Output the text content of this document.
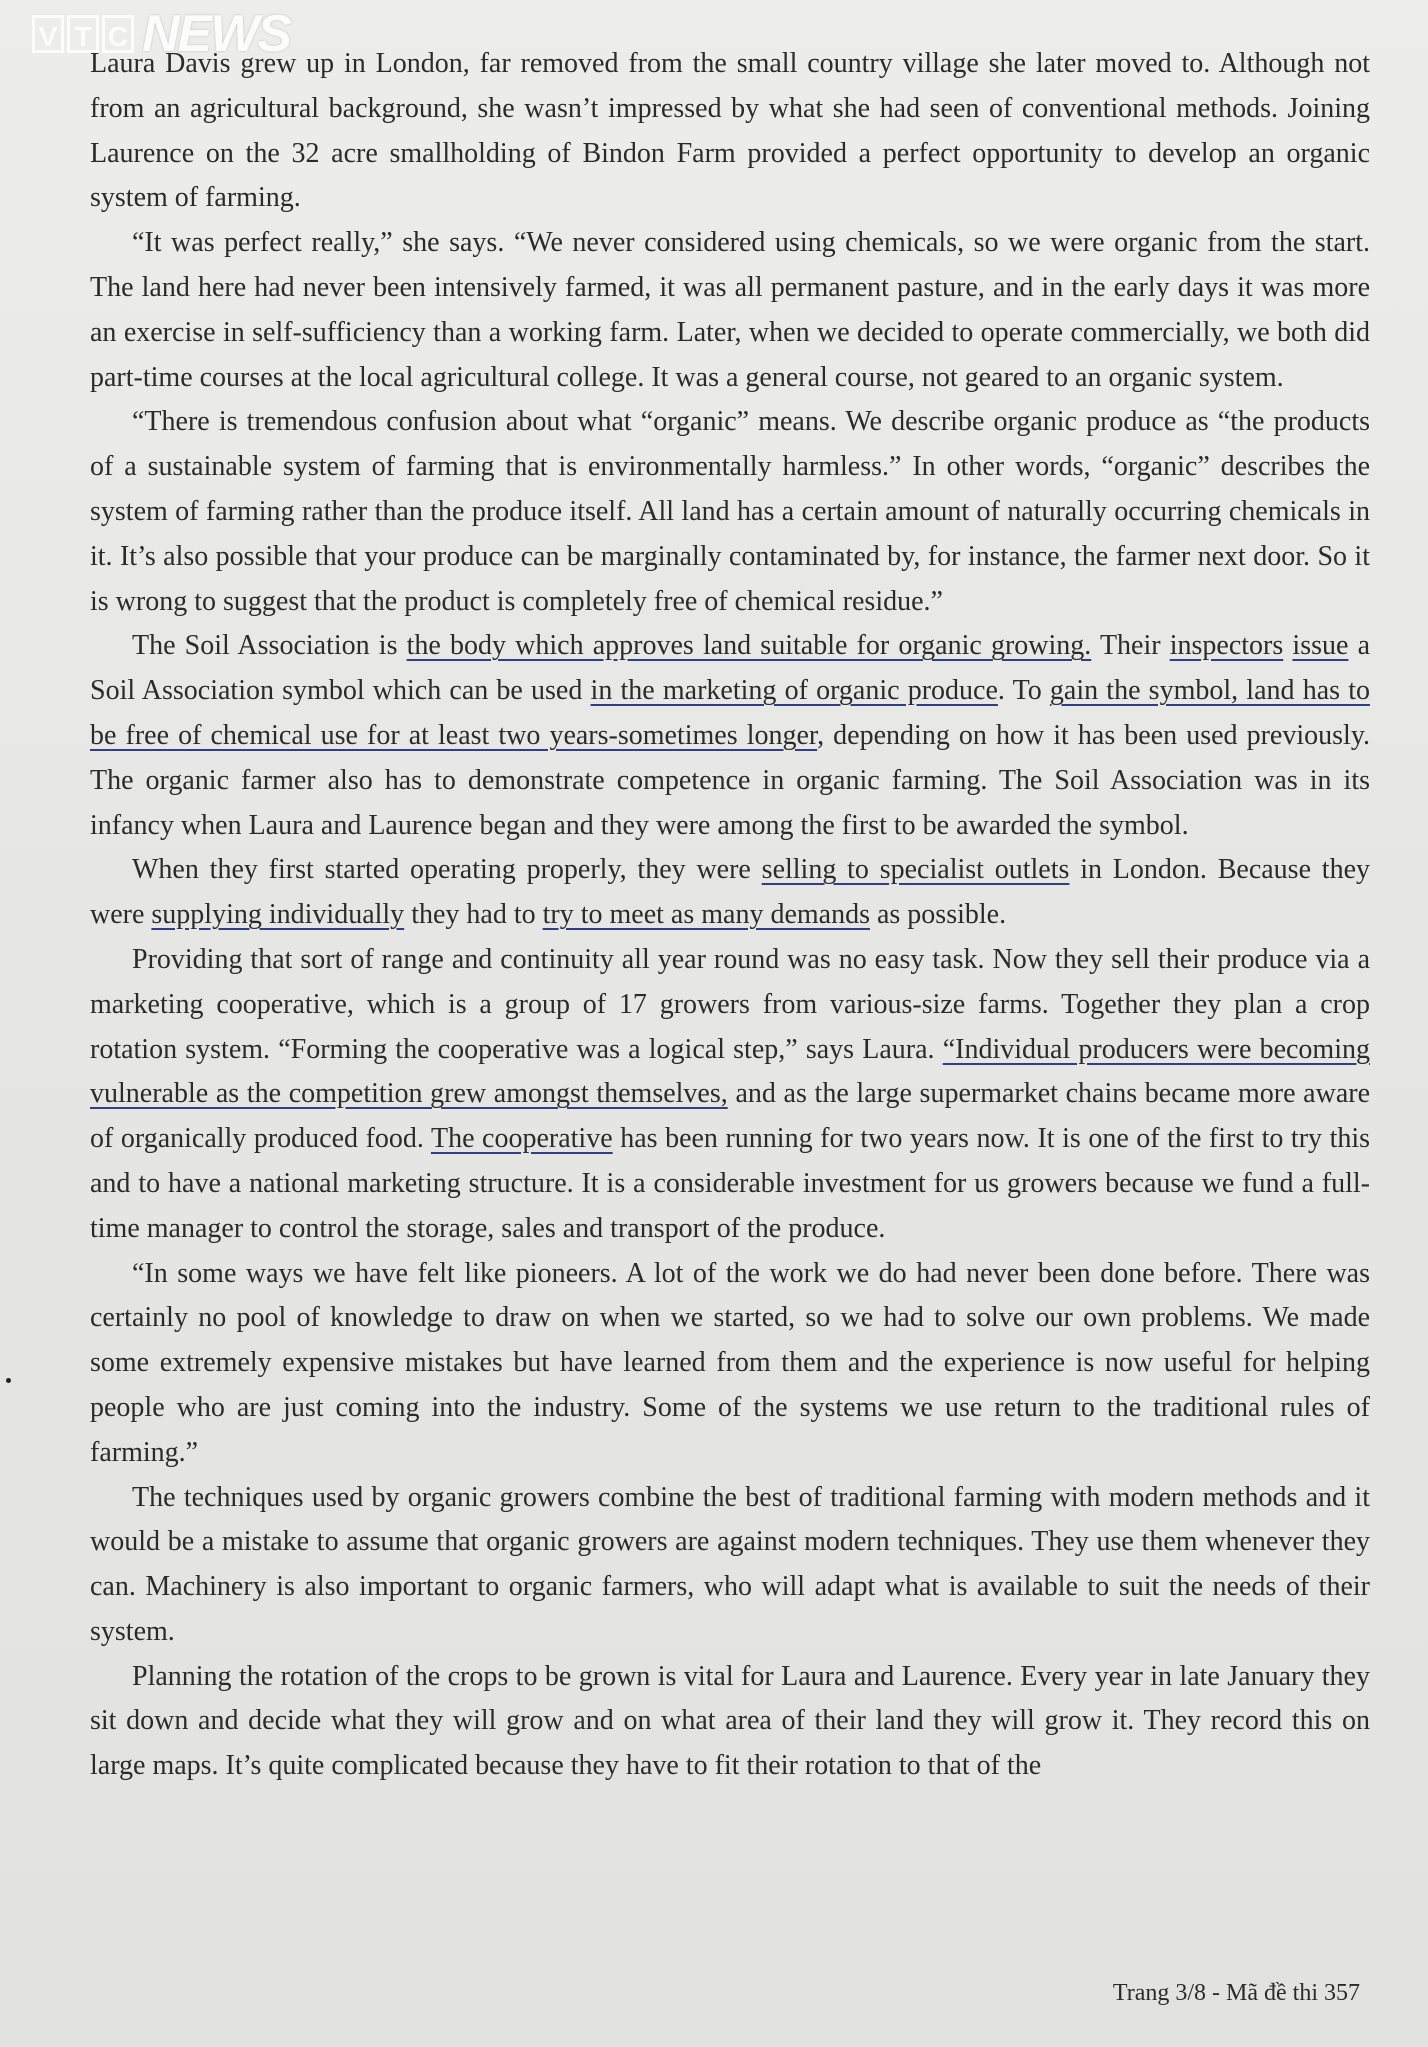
V T C NEWS

Laura Davis grew up in London, far removed from the small country village she later moved to. Although not from an agricultural background, she wasn’t impressed by what she had seen of conventional methods. Joining Laurence on the 32 acre smallholding of Bindon Farm provided a perfect opportunity to develop an organic system of farming.

“It was perfect really,” she says. “We never considered using chemicals, so we were organic from the start. The land here had never been intensively farmed, it was all permanent pasture, and in the early days it was more an exercise in self-sufficiency than a working farm. Later, when we decided to operate commercially, we both did part-time courses at the local agricultural college. It was a general course, not geared to an organic system.

“There is tremendous confusion about what “organic” means. We describe organic produce as “the products of a sustainable system of farming that is environmentally harmless.” In other words, “organic” describes the system of farming rather than the produce itself. All land has a certain amount of naturally occurring chemicals in it. It’s also possible that your produce can be marginally contaminated by, for instance, the farmer next door. So it is wrong to suggest that the product is completely free of chemical residue.”

The Soil Association is the body which approves land suitable for organic growing. Their inspectors issue a Soil Association symbol which can be used in the marketing of organic produce. To gain the symbol, land has to be free of chemical use for at least two years-sometimes longer, depending on how it has been used previously. The organic farmer also has to demonstrate competence in organic farming. The Soil Association was in its infancy when Laura and Laurence began and they were among the first to be awarded the symbol.

When they first started operating properly, they were selling to specialist outlets in London. Because they were supplying individually they had to try to meet as many demands as possible.

Providing that sort of range and continuity all year round was no easy task. Now they sell their produce via a marketing cooperative, which is a group of 17 growers from various-size farms. Together they plan a crop rotation system. “Forming the cooperative was a logical step,” says Laura. “Individual producers were becoming vulnerable as the competition grew amongst themselves, and as the large supermarket chains became more aware of organically produced food. The cooperative has been running for two years now. It is one of the first to try this and to have a national marketing structure. It is a considerable investment for us growers because we fund a full-time manager to control the storage, sales and transport of the produce.

“In some ways we have felt like pioneers. A lot of the work we do had never been done before. There was certainly no pool of knowledge to draw on when we started, so we had to solve our own problems. We made some extremely expensive mistakes but have learned from them and the experience is now useful for helping people who are just coming into the industry. Some of the systems we use return to the traditional rules of farming.”

The techniques used by organic growers combine the best of traditional farming with modern methods and it would be a mistake to assume that organic growers are against modern techniques. They use them whenever they can. Machinery is also important to organic farmers, who will adapt what is available to suit the needs of their system.

Planning the rotation of the crops to be grown is vital for Laura and Laurence. Every year in late January they sit down and decide what they will grow and on what area of their land they will grow it. They record this on large maps. It’s quite complicated because they have to fit their rotation to that of the

Trang 3/8 - Mã đề thi 357
